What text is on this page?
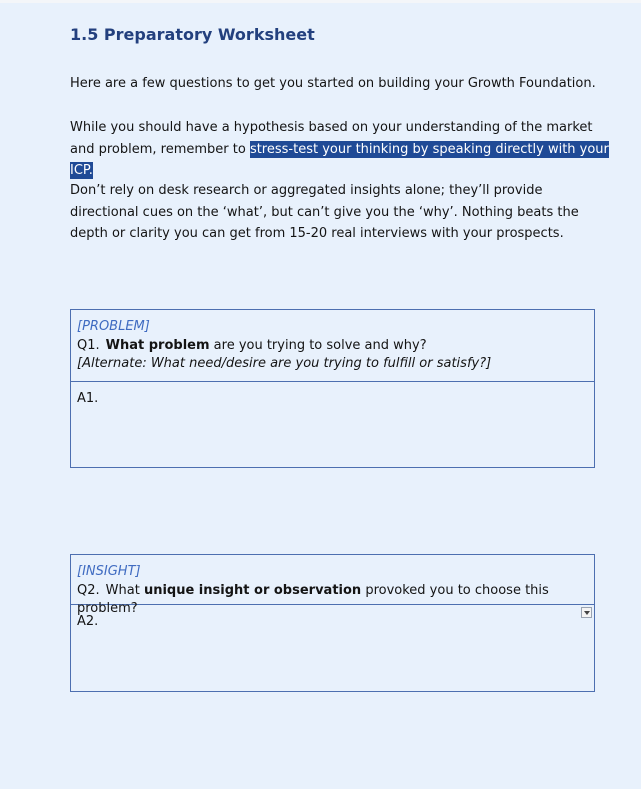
1.5 Preparatory Worksheet

Here are a few questions to get you started on building your Growth Foundation.

While you should have a hypothesis based on your understanding of the market and problem, remember to stress-test your thinking by speaking directly with your ICP.

Don’t rely on desk research or aggregated insights alone; they’ll provide directional cues on the ‘what’, but can’t give you the ‘why’. Nothing beats the depth or clarity you can get from 15-20 real interviews with your prospects.

[PROBLEM]
Q1. What problem are you trying to solve and why?
[Alternate: What need/desire are you trying to fulfill or satisfy?]
A1.
[INSIGHT]
Q2. What unique insight or observation provoked you to choose this problem?
A2.
